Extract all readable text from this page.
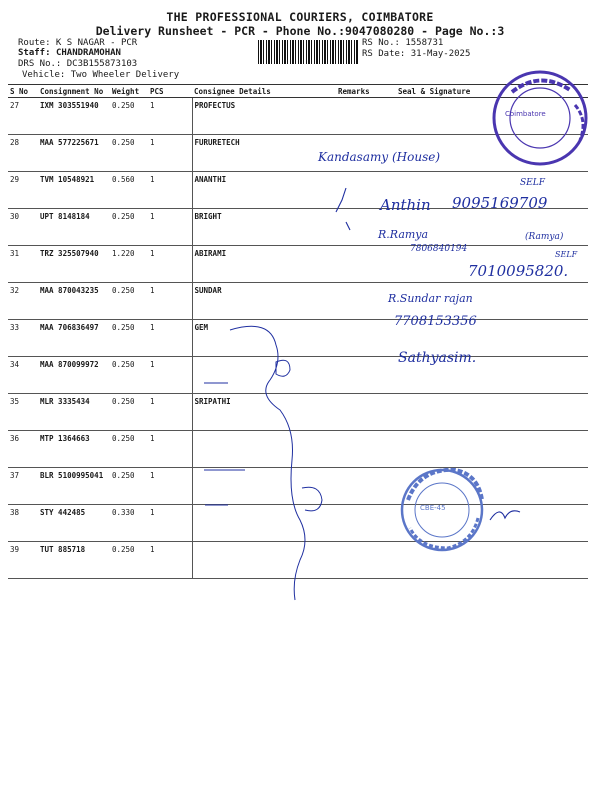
THE PROFESSIONAL COURIERS, COIMBATORE
Delivery Runsheet - PCR - Phone No.:9047080280 - Page No.:3
Route: K S NAGAR - PCR
Staff: CHANDRAMOHAN
DRS No.: DC3B155873103
Vehicle: Two Wheeler Delivery
RS No.: 1558731
RS Date: 31-May-2025
S No	Consignment No	Weight	PCS	Consignee Details	Remarks	Seal & Signature
27	IXM 303551940	0.250	1	PROFECTUS		
28	MAA 577225671	0.250	1	FURURETECH		
29	TVM 10548921	0.560	1	ANANTHI		
30	UPT 8148184	0.250	1	BRIGHT		
31	TRZ 325507940	1.220	1	ABIRAMI		
32	MAA 870043235	0.250	1	SUNDAR		
33	MAA 706836497	0.250	1	GEM		
34	MAA 870099972	0.250	1			
35	MLR 3335434	0.250	1	SRIPATHI		
36	MTP 1364663	0.250	1			
37	BLR 5100995041	0.250	1			
38	STY 442485	0.330	1			
39	TUT 885718	0.250	1			
Coimbatore
CBE-45
Kandasamy (House)
SELF
Anthin 9095169709
R.Ramya
7806840194
(Ramya)
SELF
7010095820.
R.Sundar rajan
7708153356
Sathyasim.
